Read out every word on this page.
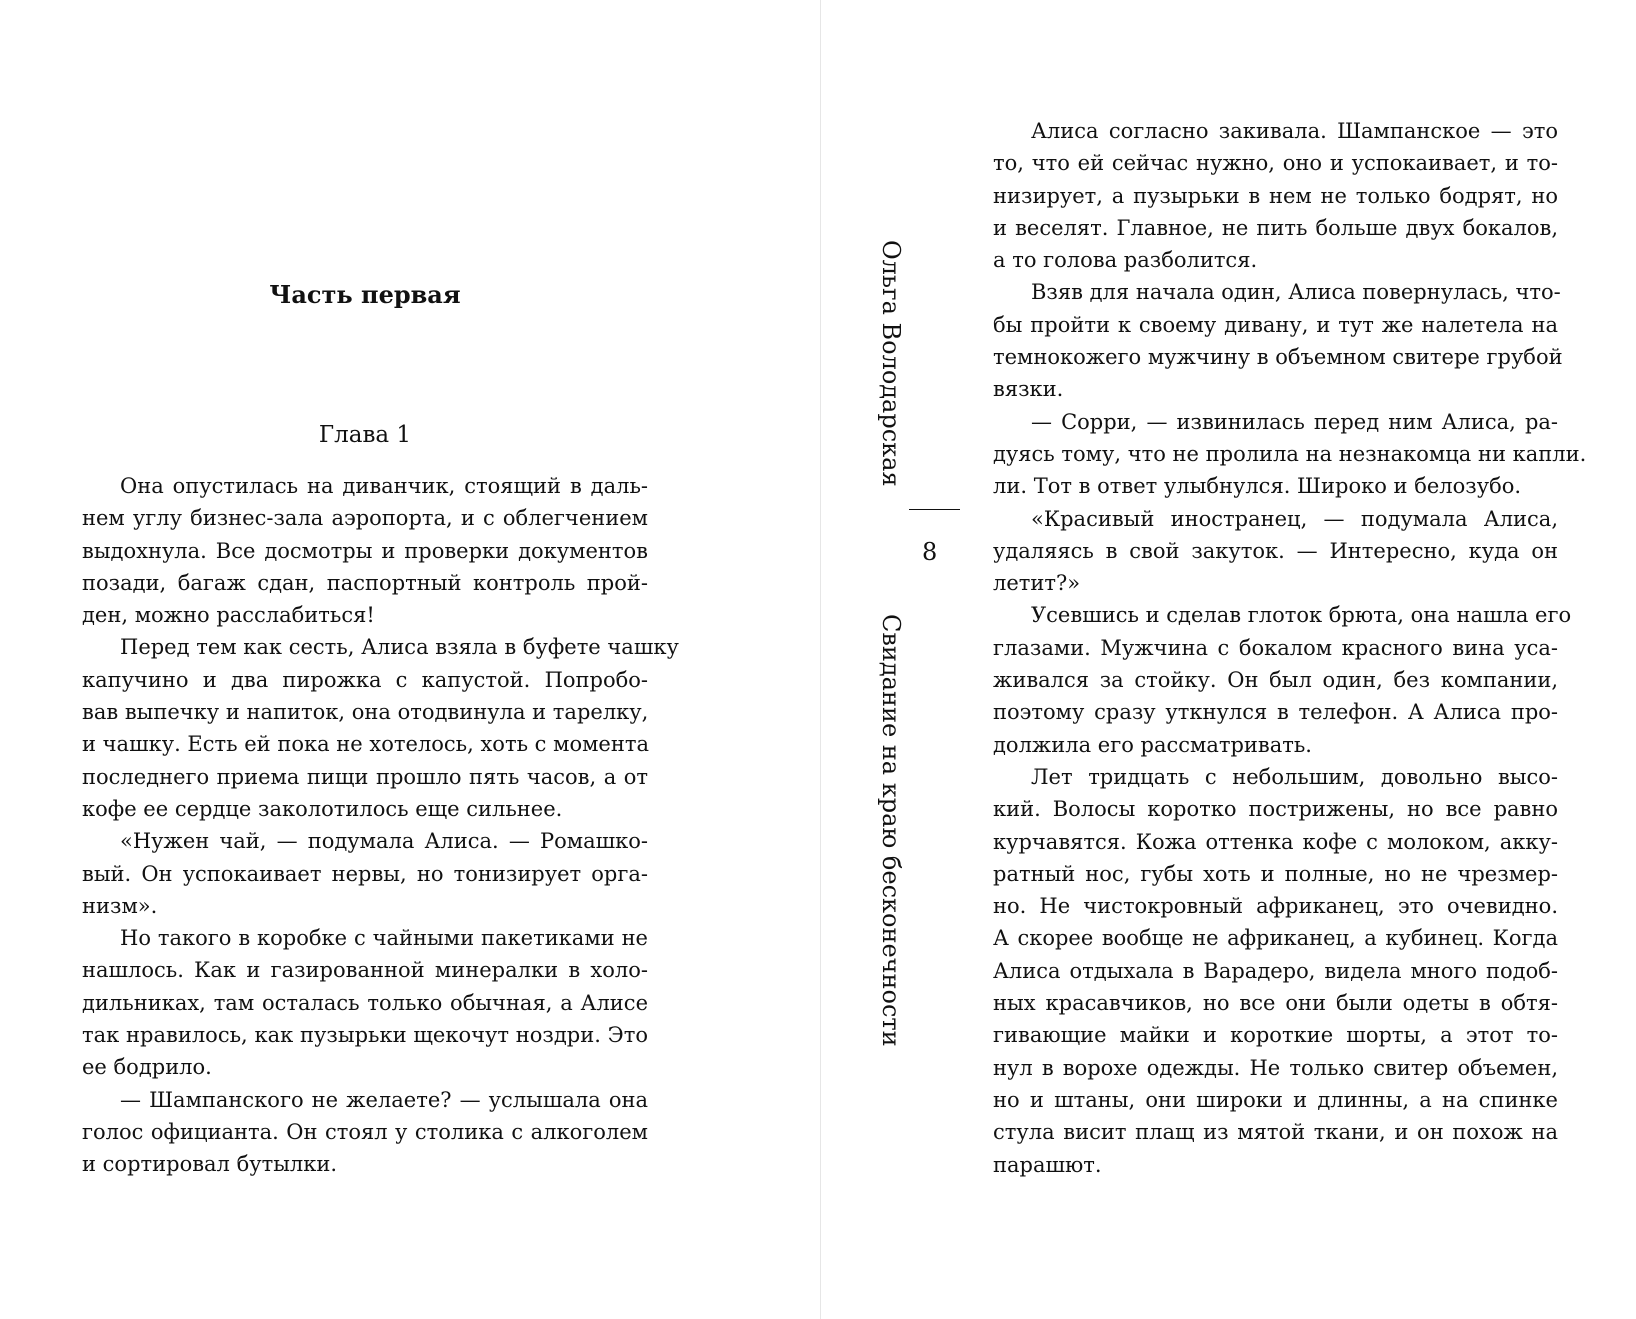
Часть первая
Глава 1
Она опустилась на диванчик, стоящий в даль-
нем углу бизнес-зала аэропорта, и с облегчением
выдохнула. Все досмотры и проверки документов
позади, багаж сдан, паспортный контроль прой-
ден, можно расслабиться!
Перед тем как сесть, Алиса взяла в буфете чашку
капучино и два пирожка с капустой. Попробо-
вав выпечку и напиток, она отодвинула и тарелку,
и чашку. Есть ей пока не хотелось, хоть с момента
последнего приема пищи прошло пять часов, а от
кофе ее сердце заколотилось еще сильнее.
«Нужен чай, — подумала Алиса. — Ромашко-
вый. Он успокаивает нервы, но тонизирует орга-
низм».
Но такого в коробке с чайными пакетиками не
нашлось. Как и газированной минералки в холо-
дильниках, там осталась только обычная, а Алисе
так нравилось, как пузырьки щекочут ноздри. Это
ее бодрило.
— Шампанского не желаете? — услышала она
голос официанта. Он стоял у столика с алкоголем
и сортировал бутылки.
Ольга Володарская
8
Свидание на краю бесконечности
Алиса согласно закивала. Шампанское — это
то, что ей сейчас нужно, оно и успокаивает, и то-
низирует, а пузырьки в нем не только бодрят, но
и веселят. Главное, не пить больше двух бокалов,
а то голова разболится.
Взяв для начала один, Алиса повернулась, что-
бы пройти к своему дивану, и тут же налетела на
темнокожего мужчину в объемном свитере грубой
вязки.
— Сорри, — извинилась перед ним Алиса, ра-
дуясь тому, что не пролила на незнакомца ни капли.
ли. Тот в ответ улыбнулся. Широко и белозубо.
«Красивый иностранец, — подумала Алиса,
удаляясь в свой закуток. — Интересно, куда он
летит?»
Усевшись и сделав глоток брюта, она нашла его
глазами. Мужчина с бокалом красного вина уса-
живался за стойку. Он был один, без компании,
поэтому сразу уткнулся в телефон. А Алиса про-
должила его рассматривать.
Лет тридцать с небольшим, довольно высо-
кий. Волосы коротко пострижены, но все равно
курчавятся. Кожа оттенка кофе с молоком, акку-
ратный нос, губы хоть и полные, но не чрезмер-
но. Не чистокровный африканец, это очевидно.
А скорее вообще не африканец, а кубинец. Когда
Алиса отдыхала в Варадеро, видела много подоб-
ных красавчиков, но все они были одеты в обтя-
гивающие майки и короткие шорты, а этот то-
нул в ворохе одежды. Не только свитер объемен,
но и штаны, они широки и длинны, а на спинке
стула висит плащ из мятой ткани, и он похож на
парашют.
